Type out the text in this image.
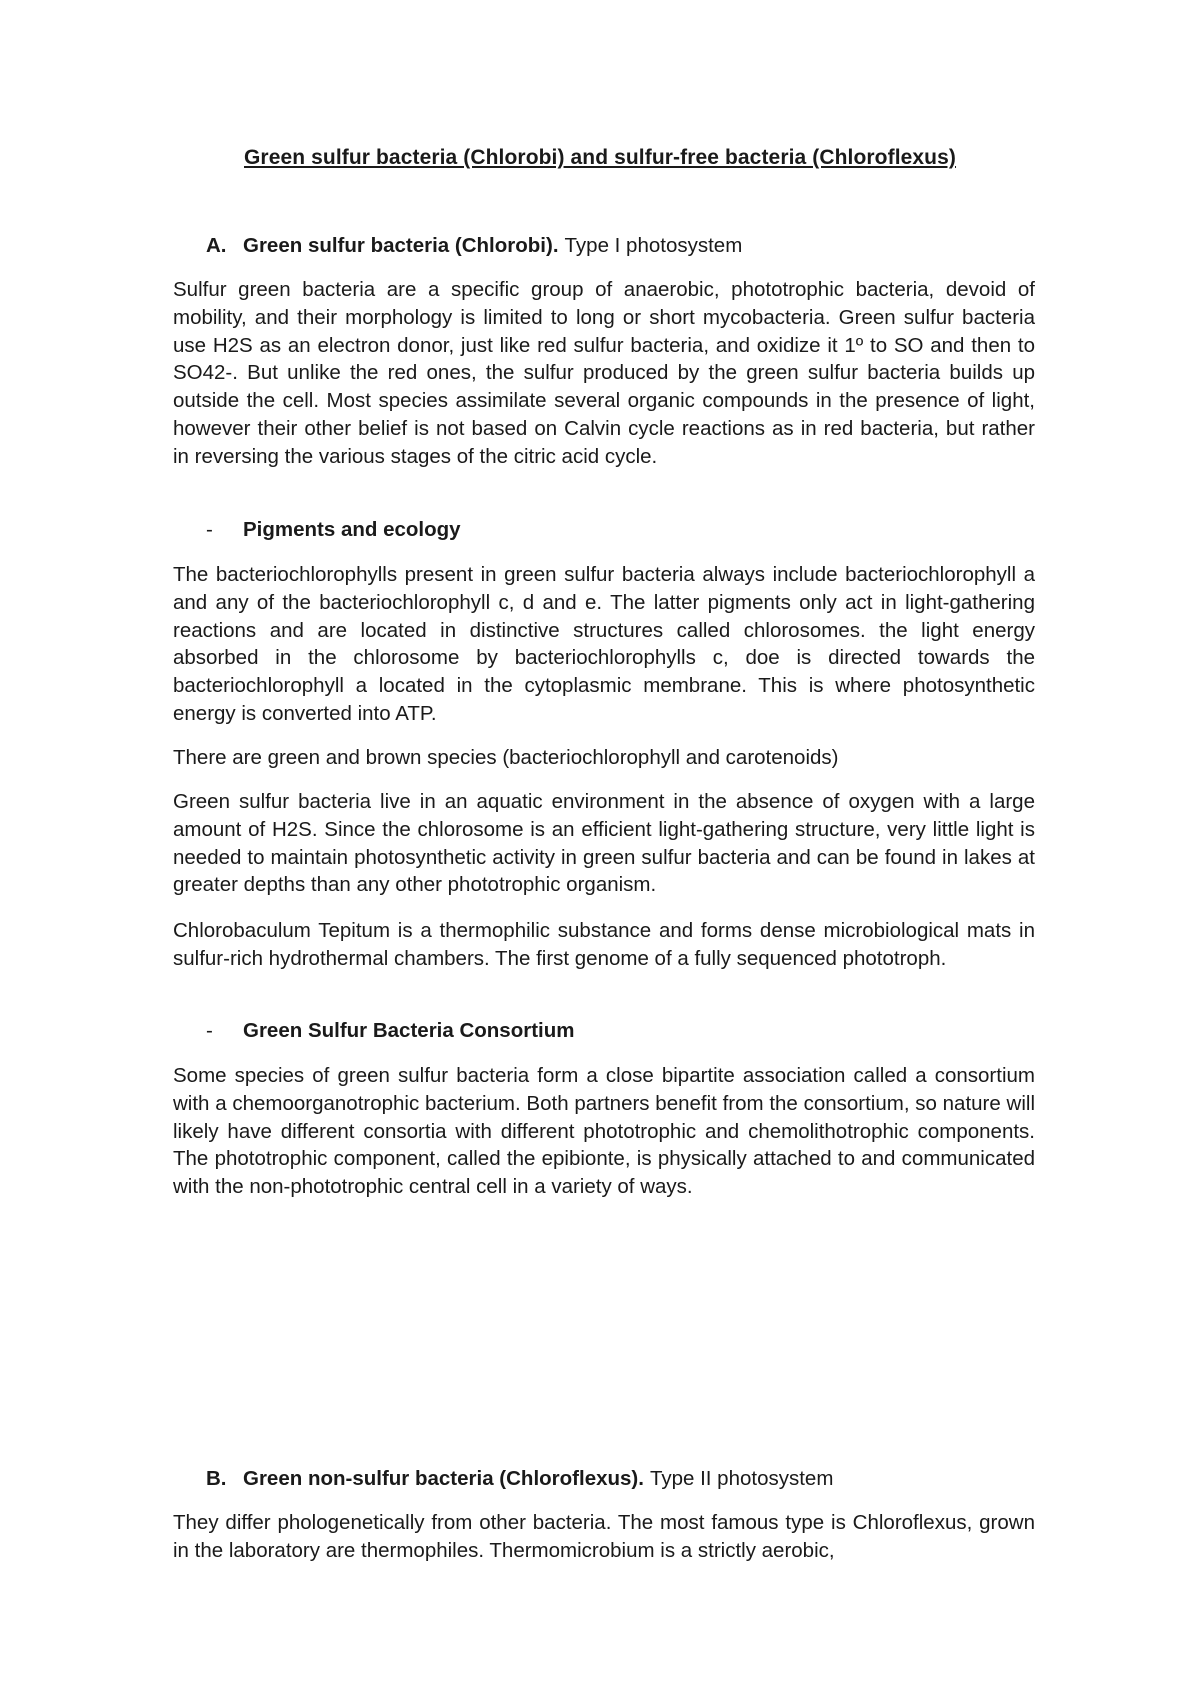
Green sulfur bacteria (Chlorobi) and sulfur-free bacteria (Chloroflexus)
A. Green sulfur bacteria (Chlorobi). Type I photosystem

Sulfur green bacteria are a specific group of anaerobic, phototrophic bacteria, devoid of mobility, and their morphology is limited to long or short mycobacteria. Green sulfur bacteria use H2S as an electron donor, just like red sulfur bacteria, and oxidize it 1º to SO and then to SO42-. But unlike the red ones, the sulfur produced by the green sulfur bacteria builds up outside the cell. Most species assimilate several organic compounds in the presence of light, however their other belief is not based on Calvin cycle reactions as in red bacteria, but rather in reversing the various stages of the citric acid cycle.

-	Pigments and ecology

The bacteriochlorophylls present in green sulfur bacteria always include bacteriochlorophyll a and any of the bacteriochlorophyll c, d and e. The latter pigments only act in light-gathering reactions and are located in distinctive structures called chlorosomes. the light energy absorbed in the chlorosome by bacteriochlorophylls c, doe is directed towards the bacteriochlorophyll a located in the cytoplasmic membrane. This is where photosynthetic energy is converted into ATP.

There are green and brown species (bacteriochlorophyll and carotenoids)

Green sulfur bacteria live in an aquatic environment in the absence of oxygen with a large amount of H2S. Since the chlorosome is an efficient light-gathering structure, very little light is needed to maintain photosynthetic activity in green sulfur bacteria and can be found in lakes at greater depths than any other phototrophic organism.

Chlorobaculum Tepitum is a thermophilic substance and forms dense microbiological mats in sulfur-rich hydrothermal chambers. The first genome of a fully sequenced phototroph.

-	Green Sulfur Bacteria Consortium

Some species of green sulfur bacteria form a close bipartite association called a consortium with a chemoorganotrophic bacterium. Both partners benefit from the consortium, so nature will likely have different consortia with different phototrophic and chemolithotrophic components. The phototrophic component, called the epibionte, is physically attached to and communicated with the non-phototrophic central cell in a variety of ways.

B. Green non-sulfur bacteria (Chloroflexus). Type II photosystem

They differ phologenetically from other bacteria. The most famous type is Chloroflexus, grown in the laboratory are thermophiles. Thermomicrobium is a strictly aerobic,
